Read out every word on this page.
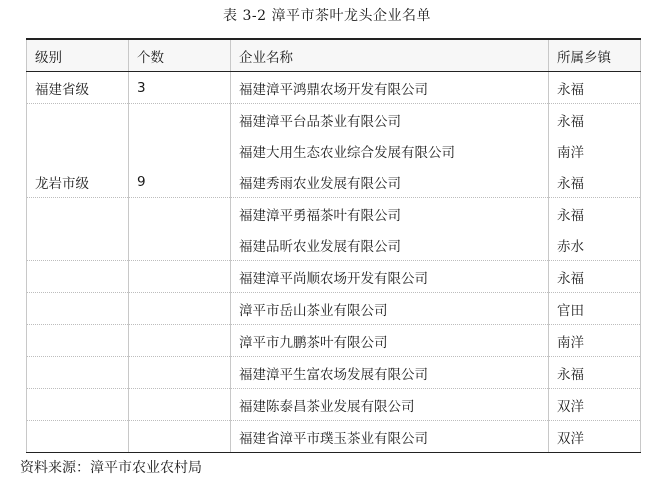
表 3-2 漳平市茶叶龙头企业名单
级别	个数	企业名称	所属乡镇
福建省级	3	福建漳平鸿鼎农场开发有限公司	永福
		福建漳平台品茶业有限公司	永福
		福建大用生态农业综合发展有限公司	南洋
龙岩市级	9	福建秀雨农业发展有限公司	永福
		福建漳平勇福茶叶有限公司	永福
		福建品昕农业发展有限公司	赤水
		福建漳平尚顺农场开发有限公司	永福
		漳平市岳山茶业有限公司	官田
		漳平市九鹏茶叶有限公司	南洋
		福建漳平生富农场发展有限公司	永福
		福建陈泰昌茶业发展有限公司	双洋
		福建省漳平市璞玉茶业有限公司	双洋
资料来源：漳平市农业农村局
